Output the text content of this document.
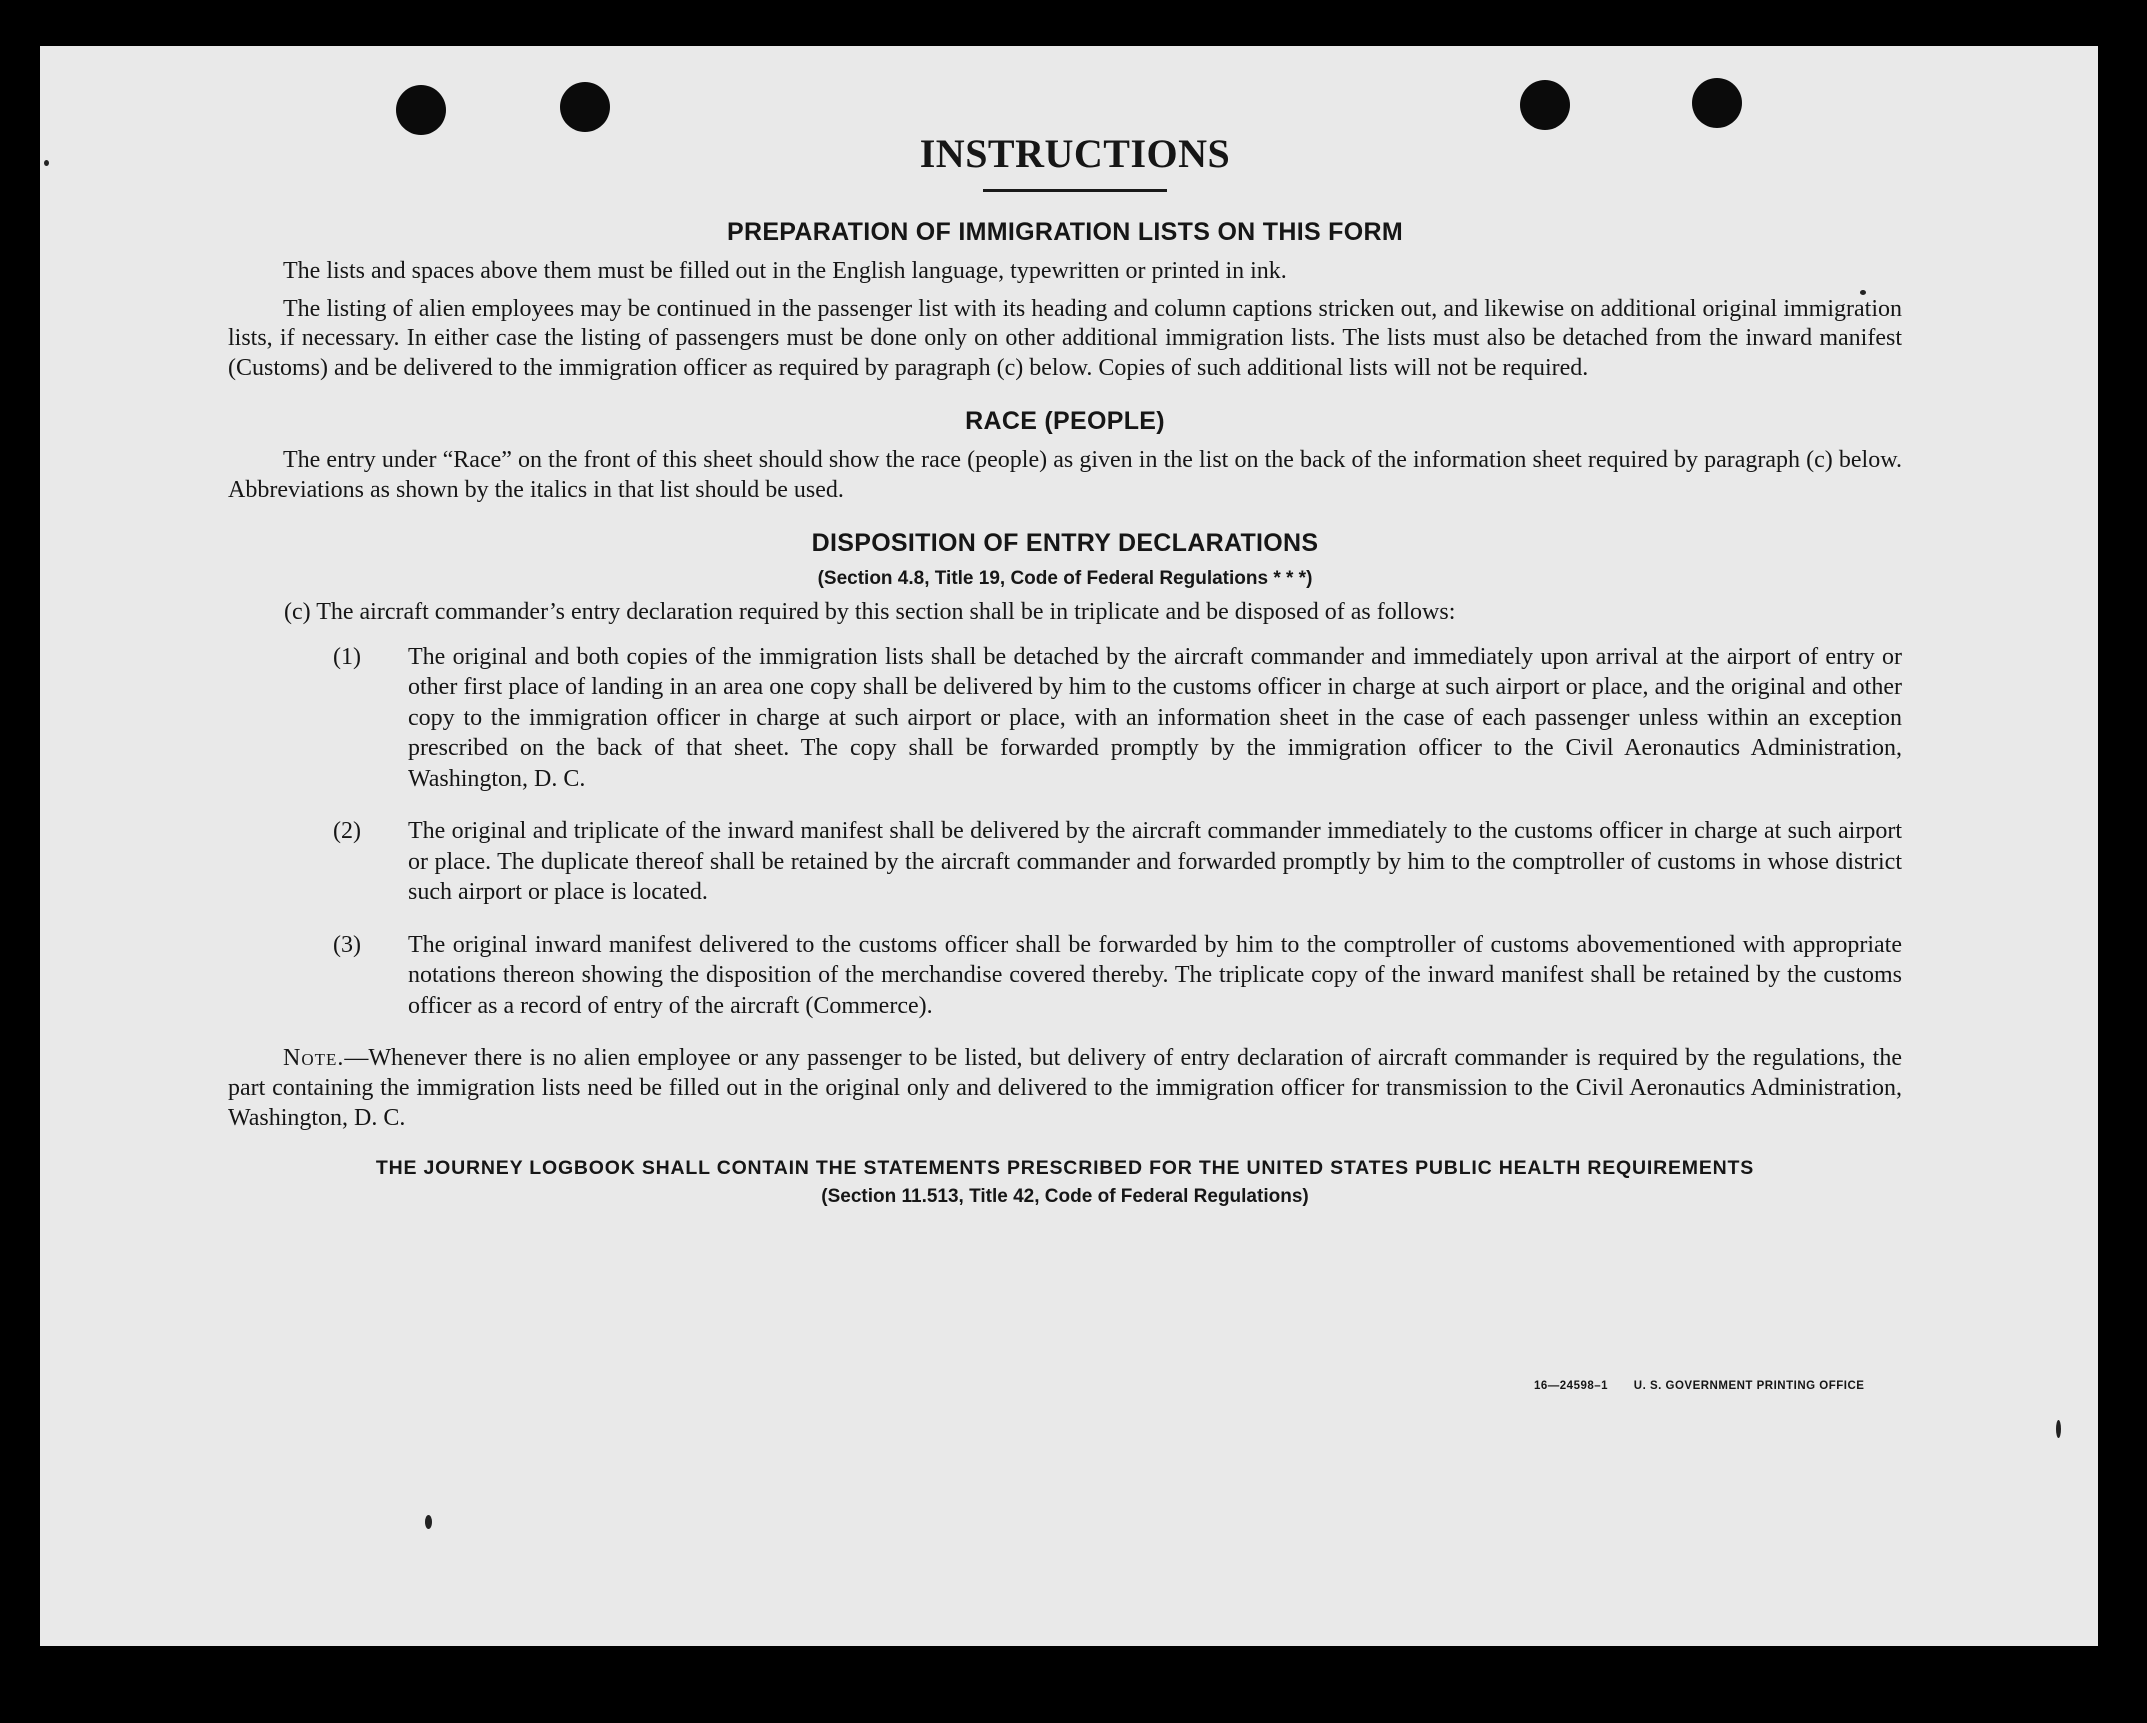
INSTRUCTIONS
PREPARATION OF IMMIGRATION LISTS ON THIS FORM

The lists and spaces above them must be filled out in the English language, typewritten or printed in ink.

The listing of alien employees may be continued in the passenger list with its heading and column captions stricken out, and likewise on additional original immigration lists, if necessary. In either case the listing of passengers must be done only on other additional immigration lists. The lists must also be detached from the inward manifest (Customs) and be delivered to the immigration officer as required by paragraph (c) below. Copies of such additional lists will not be required.

RACE (PEOPLE)

The entry under “Race” on the front of this sheet should show the race (people) as given in the list on the back of the information sheet required by paragraph (c) below. Abbreviations as shown by the italics in that list should be used.

DISPOSITION OF ENTRY DECLARATIONS
(Section 4.8, Title 19, Code of Federal Regulations * * *)

(c) The aircraft commander’s entry declaration required by this section shall be in triplicate and be disposed of as follows:

(1) The original and both copies of the immigration lists shall be detached by the aircraft commander and immediately upon arrival at the airport of entry or other first place of landing in an area one copy shall be delivered by him to the customs officer in charge at such airport or place, and the original and other copy to the immigration officer in charge at such airport or place, with an information sheet in the case of each passenger unless within an exception prescribed on the back of that sheet. The copy shall be forwarded promptly by the immigration officer to the Civil Aeronautics Administration, Washington, D. C.
(2) The original and triplicate of the inward manifest shall be delivered by the aircraft commander immediately to the customs officer in charge at such airport or place. The duplicate thereof shall be retained by the aircraft commander and forwarded promptly by him to the comptroller of customs in whose district such airport or place is located.
(3) The original inward manifest delivered to the customs officer shall be forwarded by him to the comptroller of customs abovementioned with appropriate notations thereon showing the disposition of the merchandise covered thereby. The triplicate copy of the inward manifest shall be retained by the customs officer as a record of entry of the aircraft (Commerce).

Note.—Whenever there is no alien employee or any passenger to be listed, but delivery of entry declaration of aircraft commander is required by the regulations, the part containing the immigration lists need be filled out in the original only and delivered to the immigration officer for transmission to the Civil Aeronautics Administration, Washington, D. C.

THE JOURNEY LOGBOOK SHALL CONTAIN THE STATEMENTS PRESCRIBED FOR THE UNITED STATES PUBLIC HEALTH REQUIREMENTS
(Section 11.513, Title 42, Code of Federal Regulations)
16—24598–1 U. S. GOVERNMENT PRINTING OFFICE
